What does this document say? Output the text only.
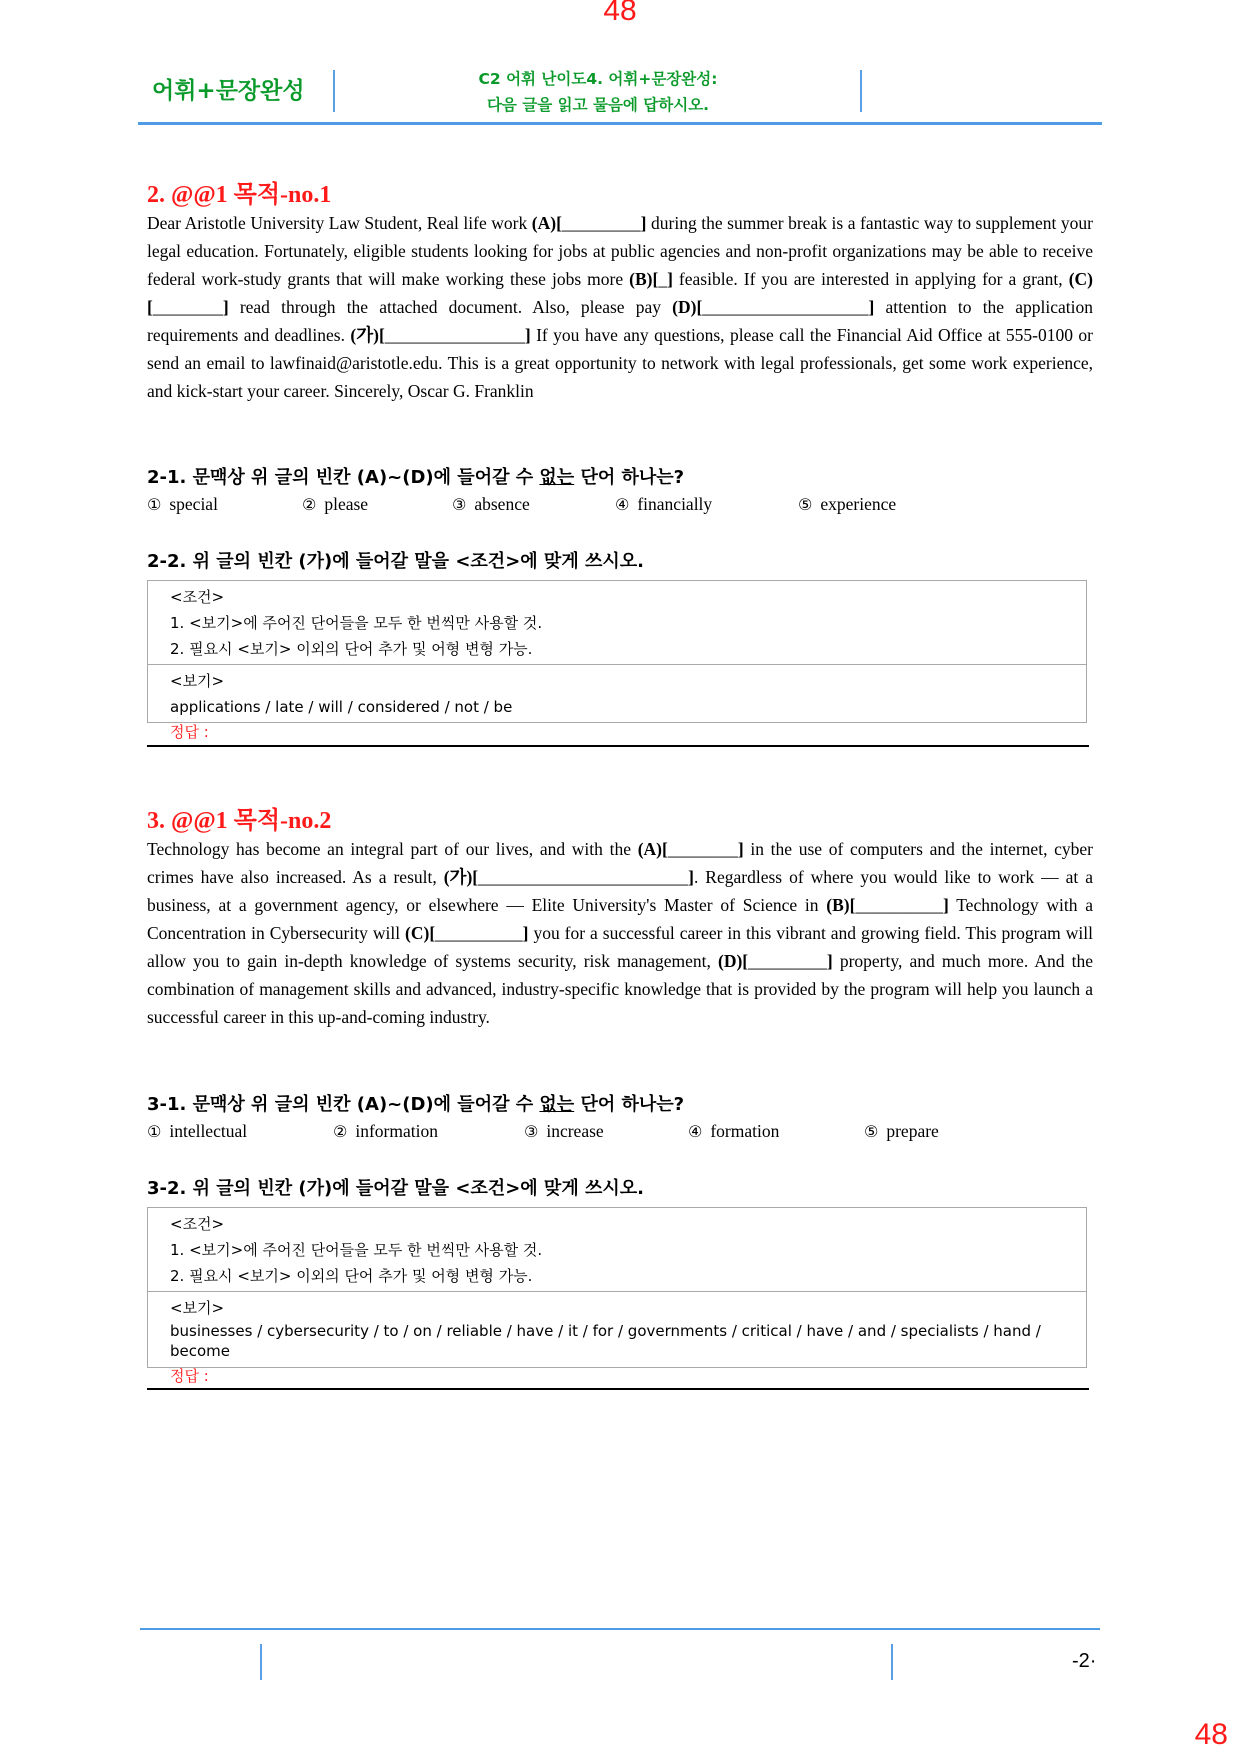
48
어휘+문장완성	C2 어휘 난이도4. 어휘+문장완성:
다음 글을 읽고 물음에 답하시오.
2. @@1 목적-no.1
Dear Aristotle University Law Student, Real life work (A)[_________] during the summer break is a fantastic way to supplement your legal education. Fortunately, eligible students looking for jobs at public agencies and non-profit organizations may be able to receive federal work-study grants that will make working these jobs more (B)[_] feasible. If you are interested in applying for a grant, (C)[________] read through the attached document. Also, please pay (D)[___________________] attention to the application requirements and deadlines. (가)[________________] If you have any questions, please call the Financial Aid Office at 555-0100 or send an email to lawfinaid@aristotle.edu. This is a great opportunity to network with legal professionals, get some work experience, and kick-start your career. Sincerely, Oscar G. Franklin
2-1. 문맥상 위 글의 빈칸 (A)~(D)에 들어갈 수 없는 단어 하나는?
① special	② please	③ absence	④ financially	⑤ experience
2-2. 위 글의 빈칸 (가)에 들어갈 말을 <조건>에 맞게 쓰시오.
<조건>
1. <보기>에 주어진 단어들을 모두 한 번씩만 사용할 것.
2. 필요시 <보기> 이외의 단어 추가 및 어형 변형 가능.
<보기>
applications / late / will / considered / not / be
정답 :
3. @@1 목적-no.2
Technology has become an integral part of our lives, and with the (A)[________] in the use of computers and the internet, cyber crimes have also increased. As a result, (가)[________________________]. Regardless of where you would like to work — at a business, at a government agency, or elsewhere — Elite University's Master of Science in (B)[__________] Technology with a Concentration in Cybersecurity will (C)[__________] you for a successful career in this vibrant and growing field. This program will allow you to gain in-depth knowledge of systems security, risk management, (D)[_________] property, and much more. And the combination of management skills and advanced, industry-specific knowledge that is provided by the program will help you launch a successful career in this up-and-coming industry.
3-1. 문맥상 위 글의 빈칸 (A)~(D)에 들어갈 수 없는 단어 하나는?
① intellectual	② information	③ increase	④ formation	⑤ prepare
3-2. 위 글의 빈칸 (가)에 들어갈 말을 <조건>에 맞게 쓰시오.
<조건>
1. <보기>에 주어진 단어들을 모두 한 번씩만 사용할 것.
2. 필요시 <보기> 이외의 단어 추가 및 어형 변형 가능.
<보기>
businesses / cybersecurity / to / on / reliable / have / it / for / governments / critical / have / and / specialists / hand / become
정답 :
-2·
48
